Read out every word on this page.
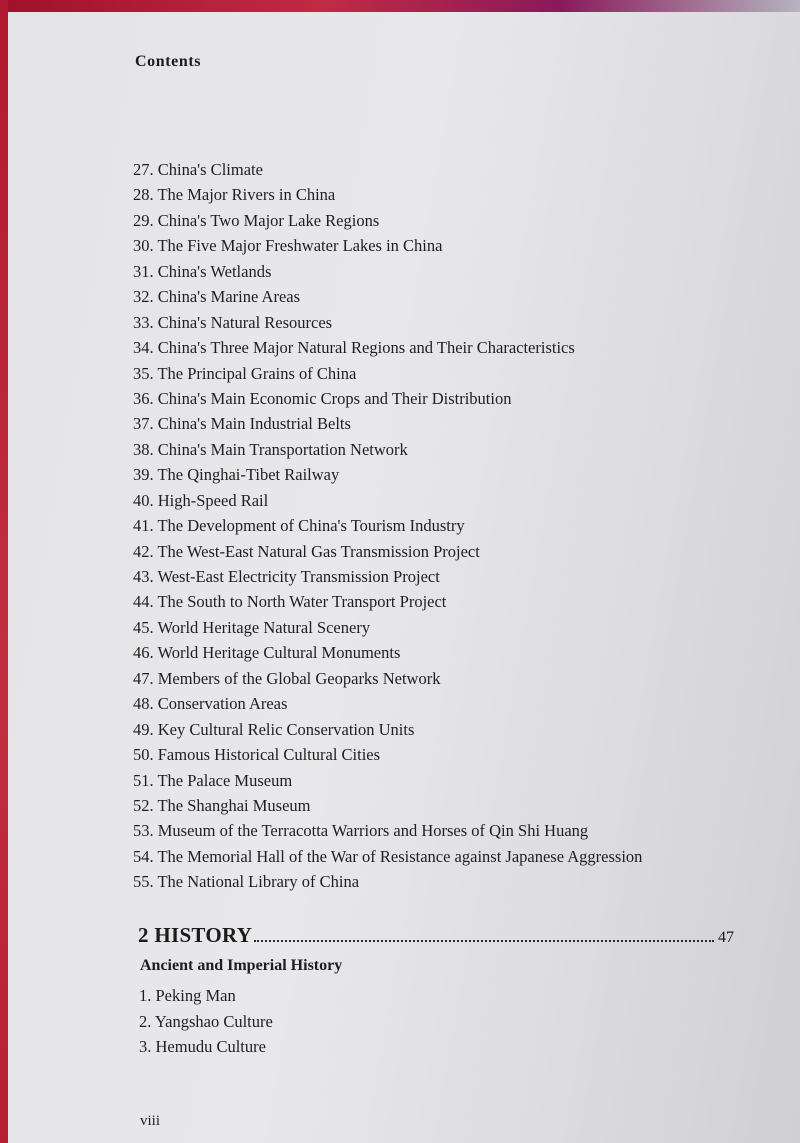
Contents
27. China's Climate
28. The Major Rivers in China
29. China's Two Major Lake Regions
30. The Five Major Freshwater Lakes in China
31. China's Wetlands
32. China's Marine Areas
33. China's Natural Resources
34. China's Three Major Natural Regions and Their Characteristics
35. The Principal Grains of China
36. China's Main Economic Crops and Their Distribution
37. China's Main Industrial Belts
38. China's Main Transportation Network
39. The Qinghai-Tibet Railway
40. High-Speed Rail
41. The Development of China's Tourism Industry
42. The West-East Natural Gas Transmission Project
43. West-East Electricity Transmission Project
44. The South to North Water Transport Project
45. World Heritage Natural Scenery
46. World Heritage Cultural Monuments
47. Members of the Global Geoparks Network
48. Conservation Areas
49. Key Cultural Relic Conservation Units
50. Famous Historical Cultural Cities
51. The Palace Museum
52. The Shanghai Museum
53. Museum of the Terracotta Warriors and Horses of Qin Shi Huang
54. The Memorial Hall of the War of Resistance against Japanese Aggression
55. The National Library of China
2 HISTORY	47
Ancient and Imperial History
1. Peking Man
2. Yangshao Culture
3. Hemudu Culture
viii
